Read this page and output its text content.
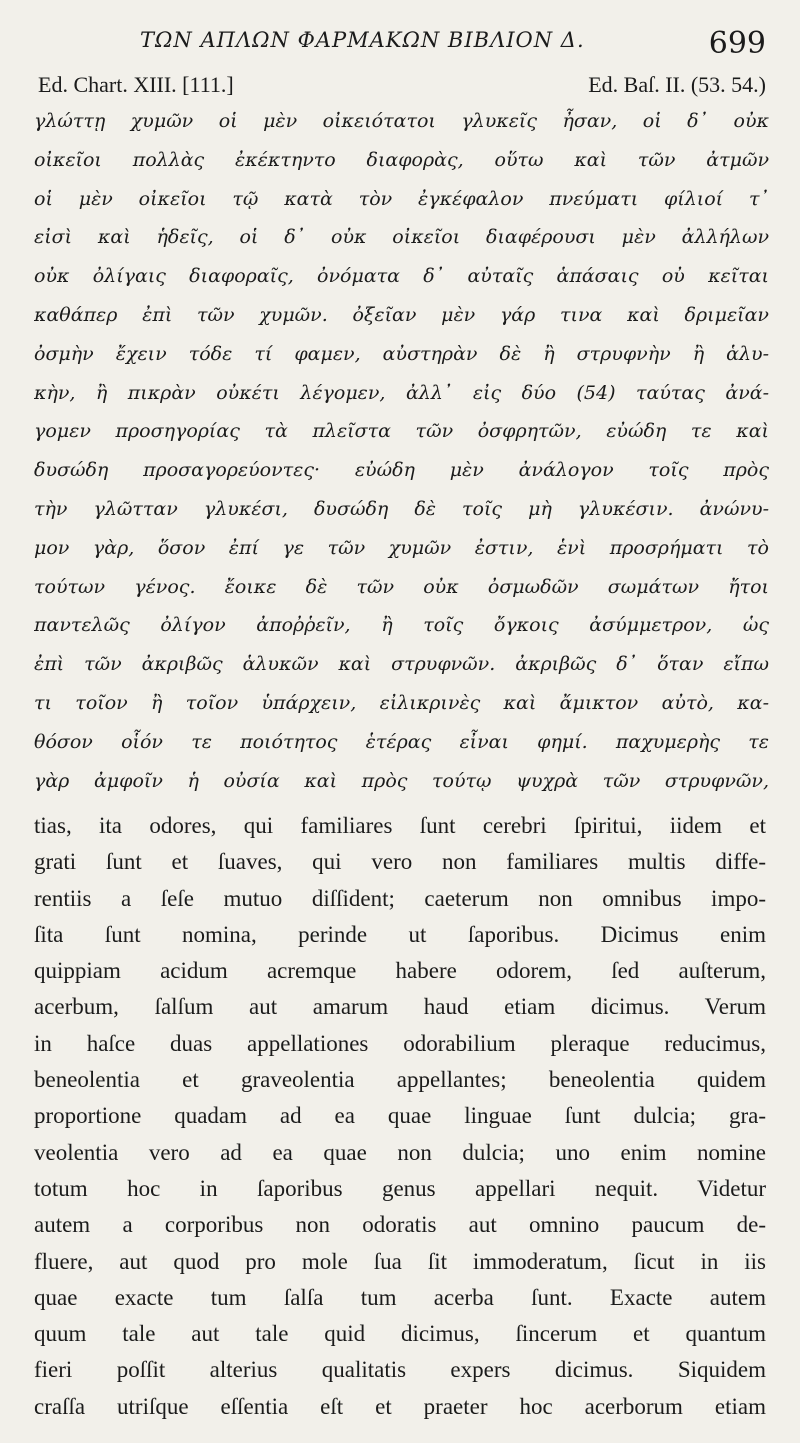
ΤΩΝ ΑΠΛΩΝ ΦΑΡΜΑΚΩΝ ΒΙΒΛΙΟΝ Δ.	699
Ed. Chart. XIII. [111.]	Ed. Baſ. II. (53. 54.)
γλώττῃ χυμῶν οἱ μὲν οἰκειότατοι γλυκεῖς ἦσαν, οἱ δ᾽ οὐκ
οἰκεῖοι πολλὰς ἐκέκτηντο διαφορὰς, οὕτω καὶ τῶν ἀτμῶν
οἱ μὲν οἰκεῖοι τῷ κατὰ τὸν ἐγκέφαλον πνεύματι φίλιοί τ᾽
εἰσὶ καὶ ἡδεῖς, οἱ δ᾽ οὐκ οἰκεῖοι διαφέρουσι μὲν ἀλλήλων
οὐκ ὀλίγαις διαφοραῖς, ὀνόματα δ᾽ αὐταῖς ἁπάσαις οὐ κεῖται
καθάπερ ἐπὶ τῶν χυμῶν. ὀξεῖαν μὲν γάρ τινα καὶ δριμεῖαν
ὀσμὴν ἔχειν τόδε τί φαμεν, αὐστηρὰν δὲ ἢ στρυφνὴν ἢ ἁλυ-
κὴν, ἢ πικρὰν οὐκέτι λέγομεν, ἀλλ᾽ εἰς δύο (54) ταύτας ἀνά-
γομεν προσηγορίας τὰ πλεῖστα τῶν ὀσφρητῶν, εὐώδη τε καὶ
δυσώδη προσαγορεύοντες· εὐώδη μὲν ἀνάλογον τοῖς πρὸς
τὴν γλῶτταν γλυκέσι, δυσώδη δὲ τοῖς μὴ γλυκέσιν. ἀνώνυ-
μον γὰρ, ὅσον ἐπί γε τῶν χυμῶν ἐστιν, ἑνὶ προσρήματι τὸ
τούτων γένος. ἔοικε δὲ τῶν οὐκ ὀσμωδῶν σωμάτων ἤτοι
παντελῶς ὀλίγον ἀποῤῥεῖν, ἢ τοῖς ὄγκοις ἀσύμμετρον, ὡς
ἐπὶ τῶν ἀκριβῶς ἁλυκῶν καὶ στρυφνῶν. ἀκριβῶς δ᾽ ὅταν εἴπω
τι τοῖον ἢ τοῖον ὑπάρχειν, εἰλικρινὲς καὶ ἄμικτον αὐτὸ, κα-
θόσον οἷόν τε ποιότητος ἑτέρας εἶναι φημί. παχυμερὴς τε
γὰρ ἀμφοῖν ἡ οὐσία καὶ πρὸς τούτῳ ψυχρὰ τῶν στρυφνῶν,
tias, ita odores, qui familiares ſunt cerebri ſpiritui, iidem et
grati ſunt et ſuaves, qui vero non familiares multis diffe-
rentiis a ſeſe mutuo diſſident; caeterum non omnibus impo-
ſita ſunt nomina, perinde ut ſaporibus. Dicimus enim
quippiam acidum acremque habere odorem, ſed auſterum,
acerbum, ſalſum aut amarum haud etiam dicimus. Verum
in haſce duas appellationes odorabilium pleraque reducimus,
beneolentia et graveolentia appellantes; beneolentia quidem
proportione quadam ad ea quae linguae ſunt dulcia; gra-
veolentia vero ad ea quae non dulcia; uno enim nomine
totum hoc in ſaporibus genus appellari nequit. Videtur
autem a corporibus non odoratis aut omnino paucum de-
fluere, aut quod pro mole ſua ſit immoderatum, ſicut in iis
quae exacte tum ſalſa tum acerba ſunt. Exacte autem
quum tale aut tale quid dicimus, ſincerum et quantum
fieri poſſit alterius qualitatis expers dicimus. Siquidem
craſſa utriſque eſſentia eſt et praeter hoc acerborum etiam
